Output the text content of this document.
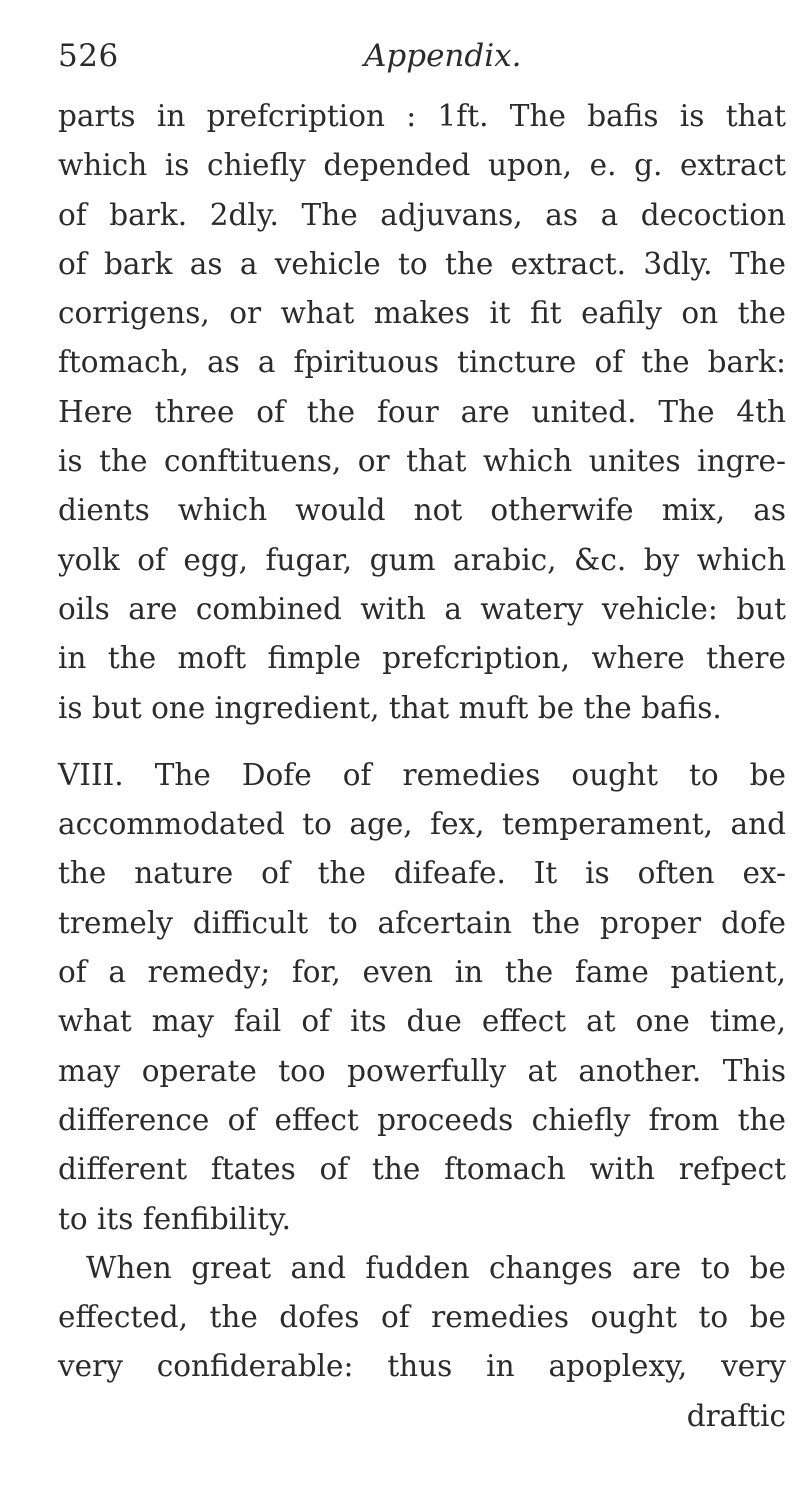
526	Appendix.
parts in prefcription : 1ft. The bafis is that
which is chiefly depended upon, e. g. extract
of bark. 2dly. The adjuvans, as a decoction
of bark as a vehicle to the extract. 3dly. The
corrigens, or what makes it fit eafily on the
ftomach, as a fpirituous tincture of the bark:
Here three of the four are united. The 4th
is the conftituens, or that which unites ingre-
dients which would not otherwife mix, as
yolk of egg, fugar, gum arabic, &c. by which
oils are combined with a watery vehicle: but
in the moft fimple prefcription, where there
is but one ingredient, that muft be the bafis.
VIII. The Dofe of remedies ought to be
accommodated to age, fex, temperament, and
the nature of the difeafe. It is often ex-
tremely difficult to afcertain the proper dofe
of a remedy; for, even in the fame patient,
what may fail of its due effect at one time,
may operate too powerfully at another. This
difference of effect proceeds chiefly from the
different ftates of the ftomach with refpect
to its fenfibility.
When great and fudden changes are to be
effected, the dofes of remedies ought to be
very confiderable: thus in apoplexy, very
draftic
